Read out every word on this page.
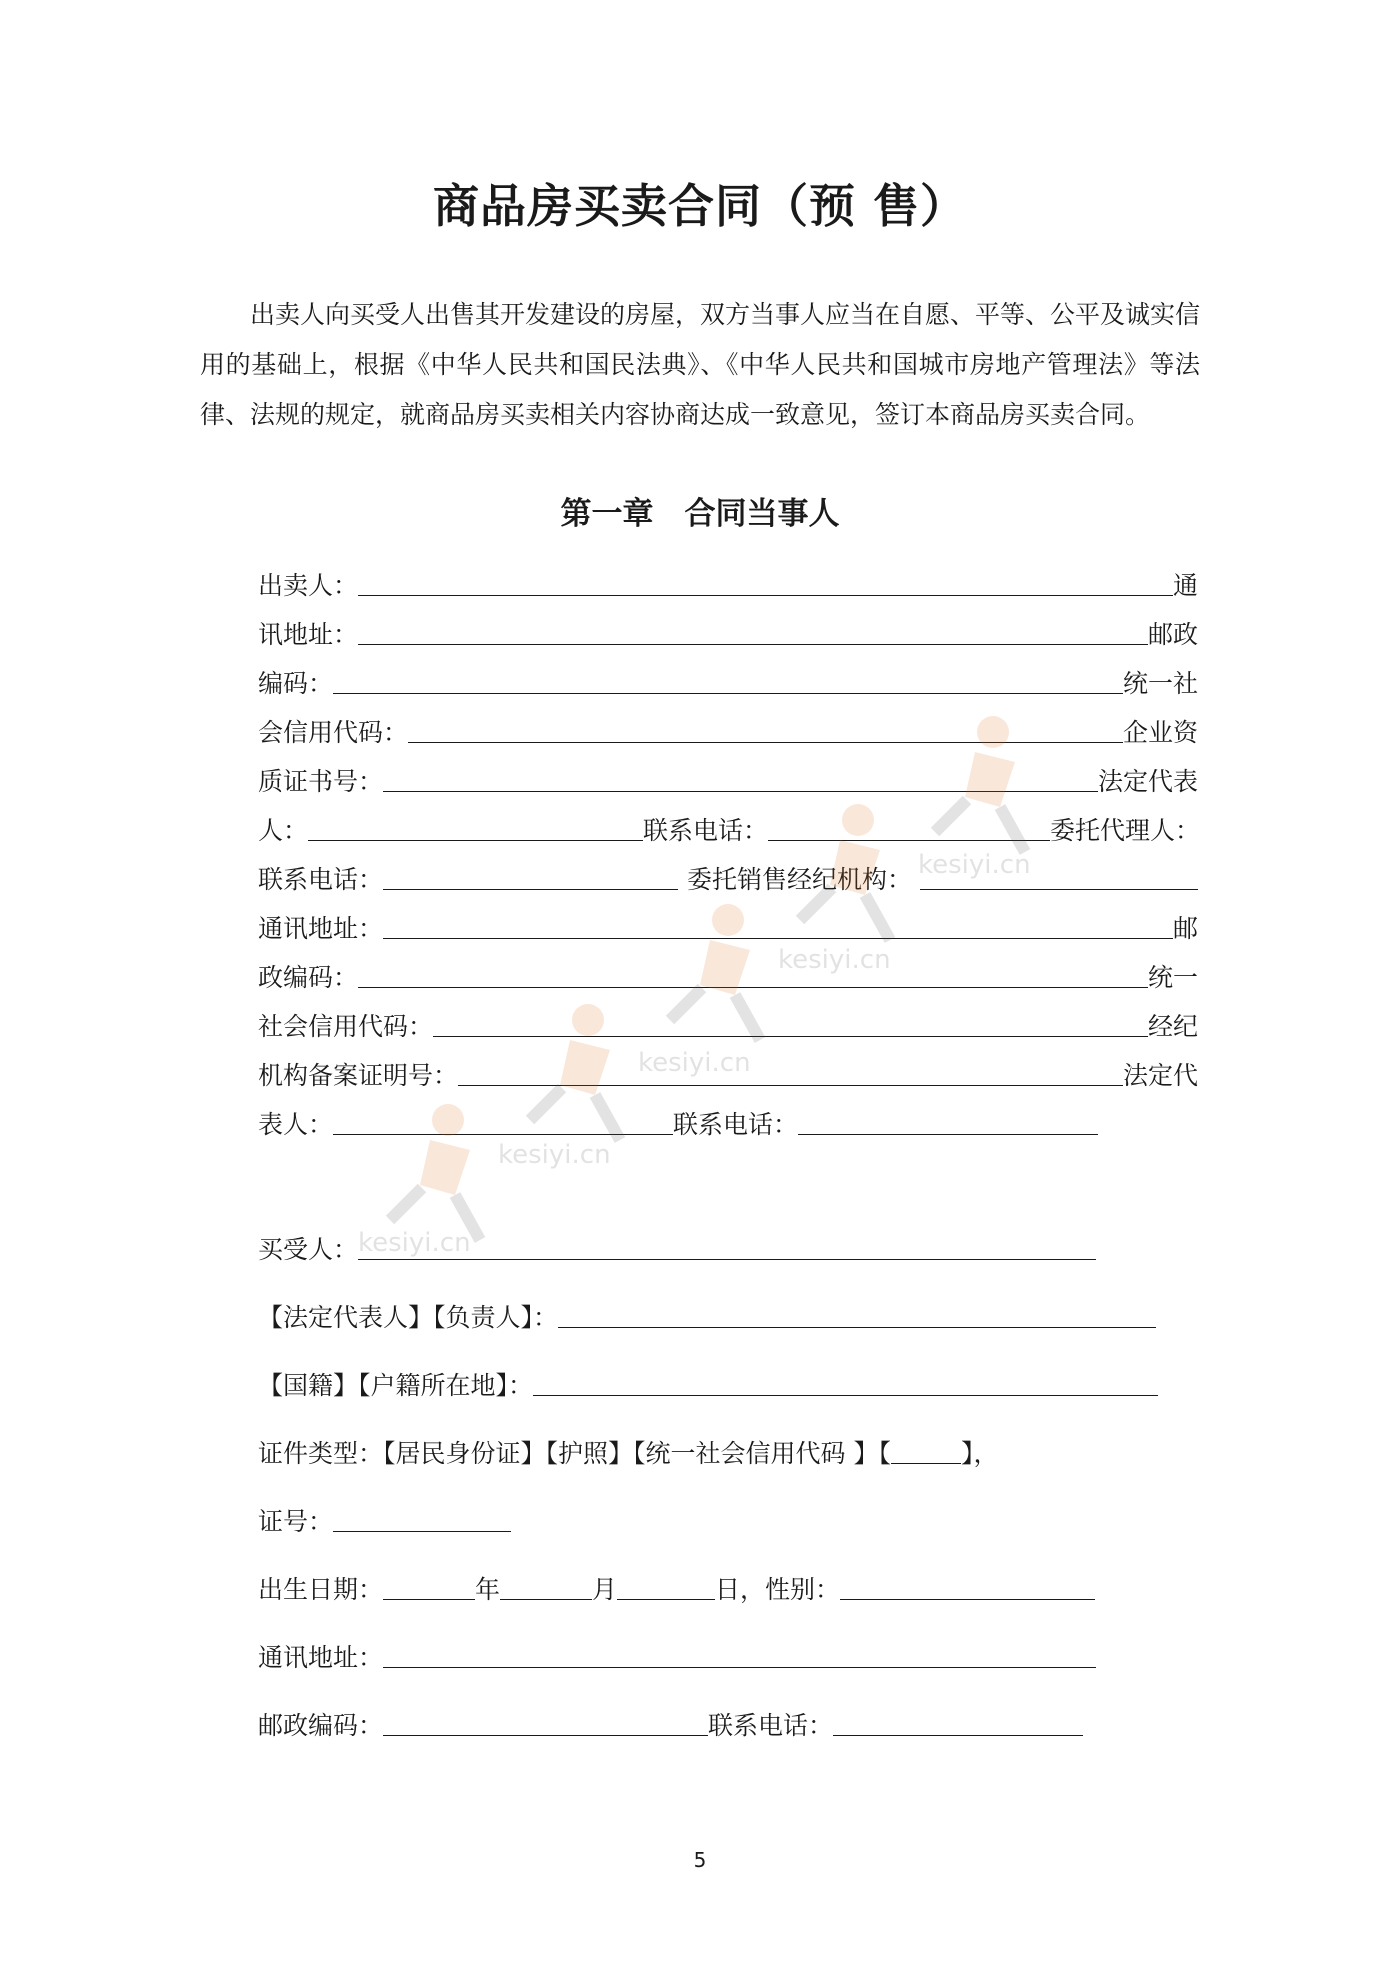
商品房买卖合同（预 售）
出卖人向买受人出售其开发建设的房屋，双方当事人应当在自愿、平等、公平及诚实信用的基础上，根据《中华人民共和国民法典》、《中华人民共和国城市房地产管理法》等法律、法规的规定，就商品房买卖相关内容协商达成一致意见，签订本商品房买卖合同。
第一章　合同当事人
出卖人：	通
讯地址：	邮政
编码：	统一社
会信用代码：	企业资
质证书号：	法定代表
人：	联系电话：	委托代理人：
联系电话：	委托销售经纪机构：
通讯地址：	邮
政编码：	统一
社会信用代码：	经纪
机构备案证明号：	法定代
表人：	联系电话：
买受人：
【法定代表人】【负责人】：
【国籍】【户籍所在地】：
证件类型：【居民身份证】【护照】【统一社会信用代码 】【	】，
证号：
出生日期：	年	月	日，性别：
通讯地址：
邮政编码：	联系电话：
kesiyi.cn
kesiyi.cn
kesiyi.cn
kesiyi.cn
kesiyi.cn
5
